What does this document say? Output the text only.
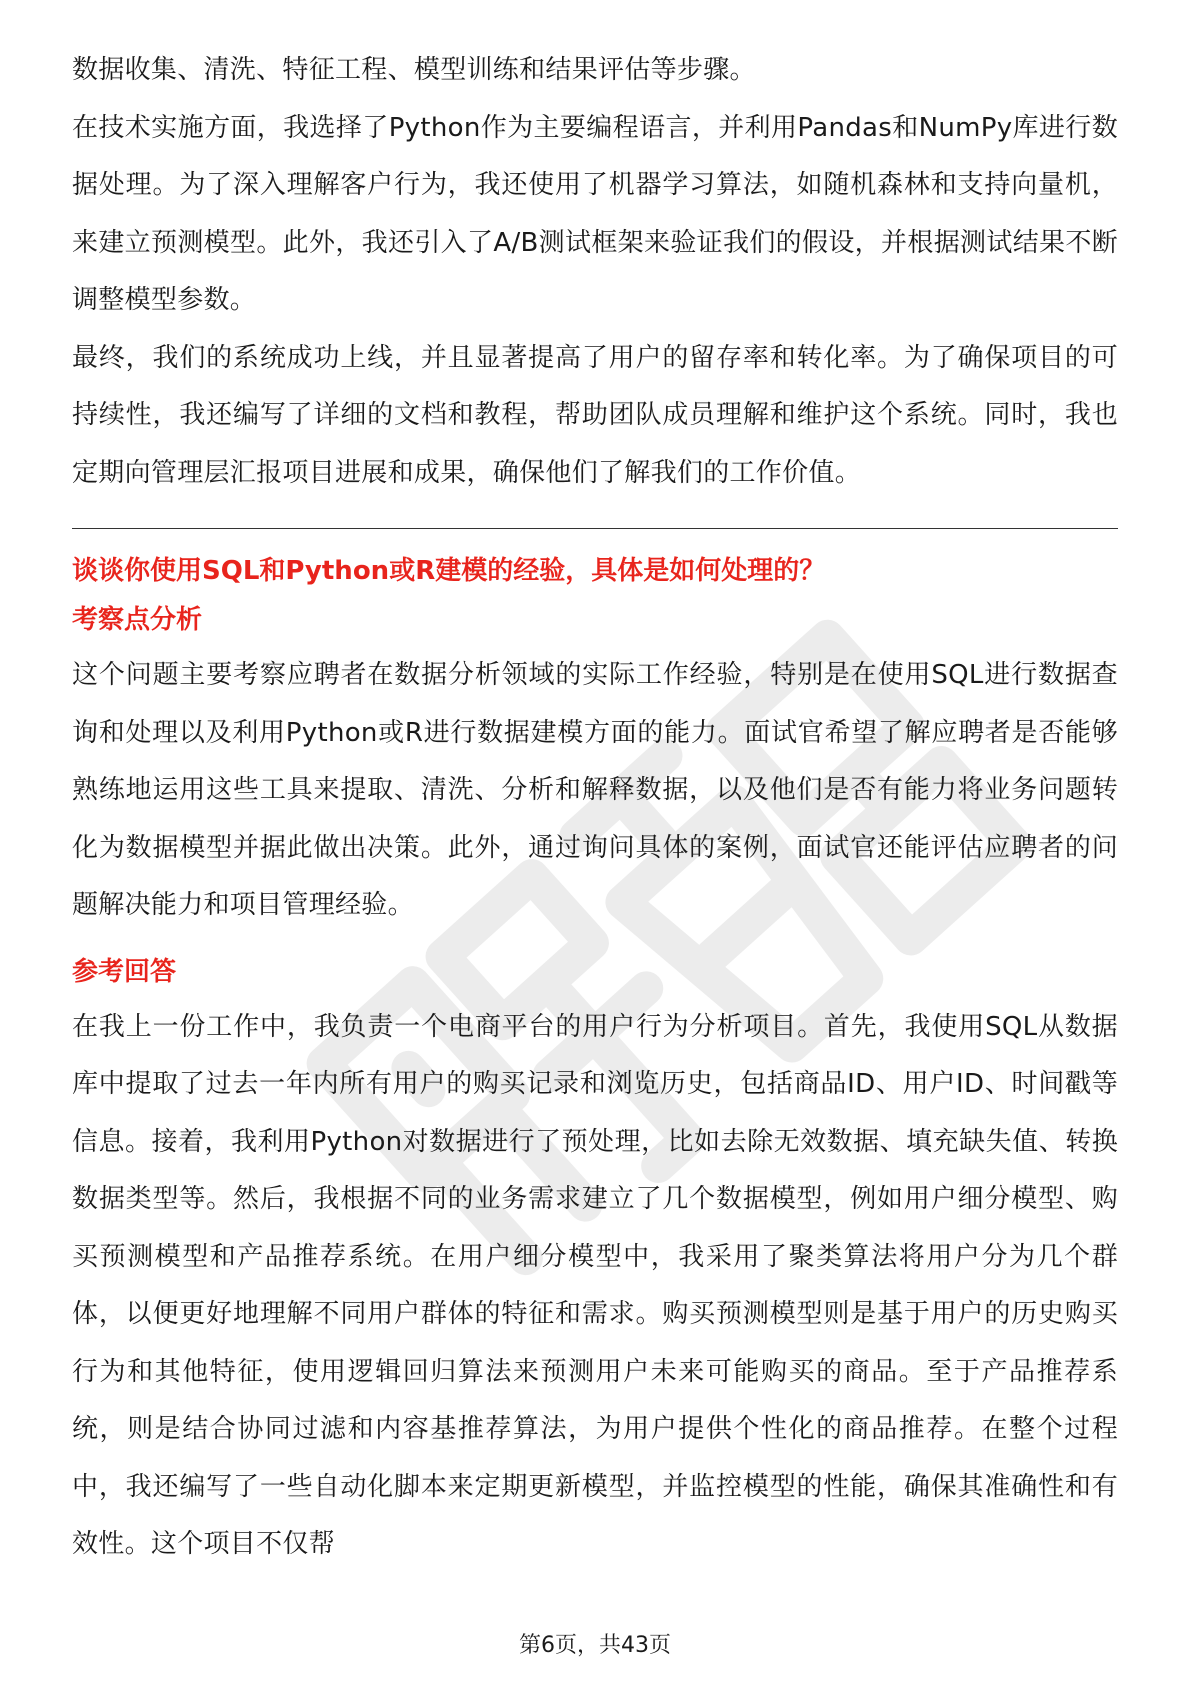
数据收集、清洗、特征工程、模型训练和结果评估等步骤。

在技术实施方面，我选择了Python作为主要编程语言，并利用Pandas和NumPy库进行数据处理。为了深入理解客户行为，我还使用了机器学习算法，如随机森林和支持向量机，来建立预测模型。此外，我还引入了A/B测试框架来验证我们的假设，并根据测试结果不断调整模型参数。

最终，我们的系统成功上线，并且显著提高了用户的留存率和转化率。为了确保项目的可持续性，我还编写了详细的文档和教程，帮助团队成员理解和维护这个系统。同时，我也定期向管理层汇报项目进展和成果，确保他们了解我们的工作价值。

谈谈你使用SQL和Python或R建模的经验，具体是如何处理的？

考察点分析

这个问题主要考察应聘者在数据分析领域的实际工作经验，特别是在使用SQL进行数据查询和处理以及利用Python或R进行数据建模方面的能力。面试官希望了解应聘者是否能够熟练地运用这些工具来提取、清洗、分析和解释数据，以及他们是否有能力将业务问题转化为数据模型并据此做出决策。此外，通过询问具体的案例，面试官还能评估应聘者的问题解决能力和项目管理经验。

参考回答

在我上一份工作中，我负责一个电商平台的用户行为分析项目。首先，我使用SQL从数据库中提取了过去一年内所有用户的购买记录和浏览历史，包括商品ID、用户ID、时间戳等信息。接着，我利用Python对数据进行了预处理，比如去除无效数据、填充缺失值、转换数据类型等。然后，我根据不同的业务需求建立了几个数据模型，例如用户细分模型、购买预测模型和产品推荐系统。在用户细分模型中，我采用了聚类算法将用户分为几个群体，以便更好地理解不同用户群体的特征和需求。购买预测模型则是基于用户的历史购买行为和其他特征，使用逻辑回归算法来预测用户未来可能购买的商品。至于产品推荐系统，则是结合协同过滤和内容基推荐算法，为用户提供个性化的商品推荐。在整个过程中，我还编写了一些自动化脚本来定期更新模型，并监控模型的性能，确保其准确性和有效性。这个项目不仅帮

第6页，共43页
